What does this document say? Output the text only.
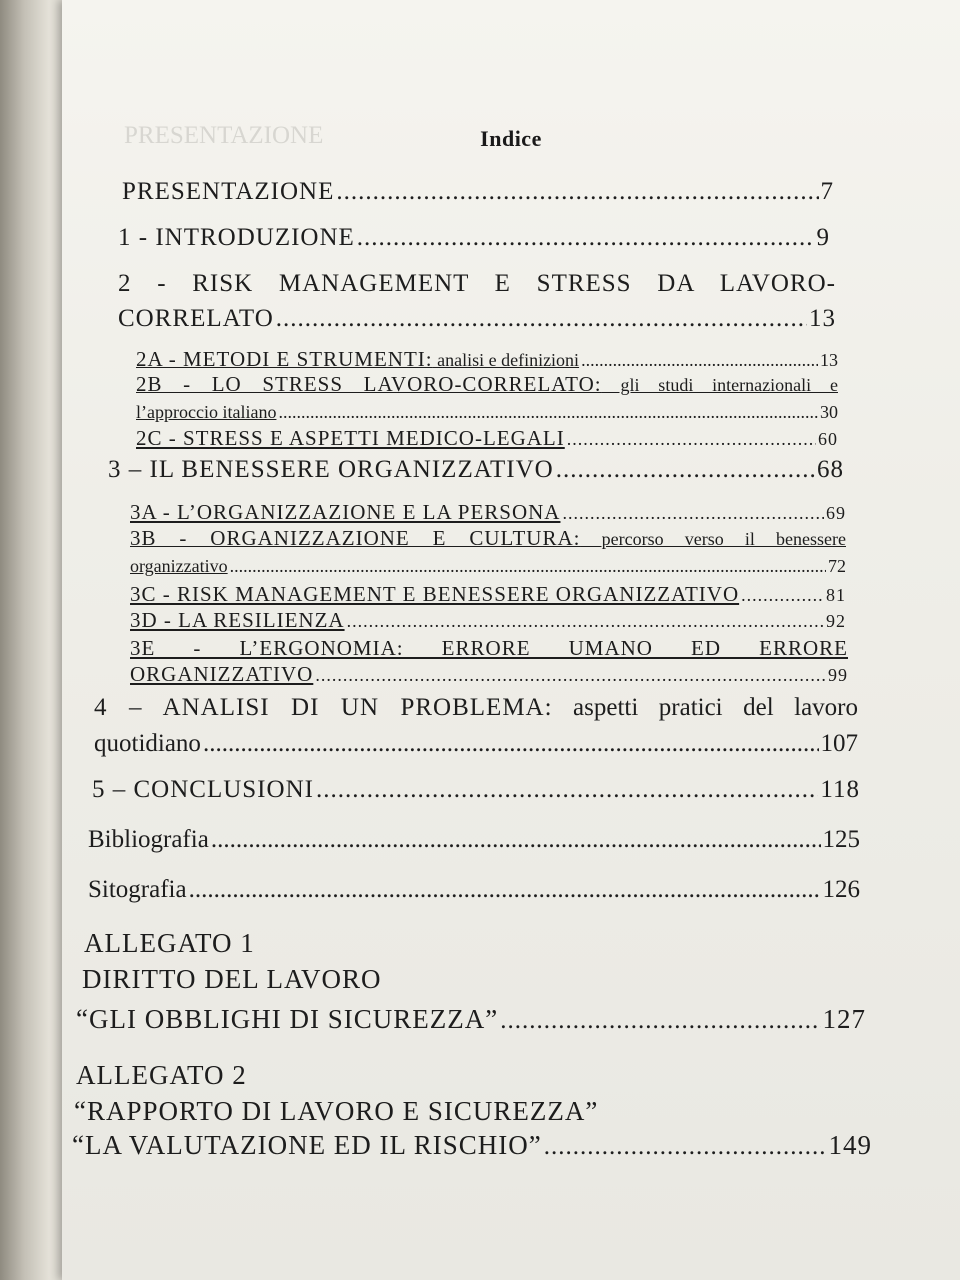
PRESENTAZIONE	Indice
PRESENTAZIONE .....	7
1 - INTRODUZIONE .....	9
2 - RISK MANAGEMENT E STRESS DA LAVORO-
CORRELATO .....	13
2A - METODI E STRUMENTI: analisi e definizioni .....	13
2B - LO STRESS LAVORO-CORRELATO: gli studi internazionali e
l’approccio italiano .....	30
2C - STRESS E ASPETTI MEDICO-LEGALI .....	60
3 – IL BENESSERE ORGANIZZATIVO .....	68
3A - L’ORGANIZZAZIONE E LA PERSONA .....	69
3B - ORGANIZZAZIONE E CULTURA: percorso verso il benessere
organizzativo .....	72
3C - RISK MANAGEMENT E BENESSERE ORGANIZZATIVO .....	81
3D - LA RESILIENZA .....	92
3E - L’ERGONOMIA: ERRORE UMANO ED ERRORE
ORGANIZZATIVO .....	99
4 – ANALISI DI UN PROBLEMA: aspetti pratici del lavoro
quotidiano .....	107
5 – CONCLUSIONI .....	118
Bibliografia .....	125
Sitografia .....	126
ALLEGATO 1
DIRITTO DEL LAVORO
“GLI OBBLIGHI DI SICUREZZA” .....	127
ALLEGATO 2
“RAPPORTO DI LAVORO E SICUREZZA”
“LA VALUTAZIONE ED IL RISCHIO” .....	149
